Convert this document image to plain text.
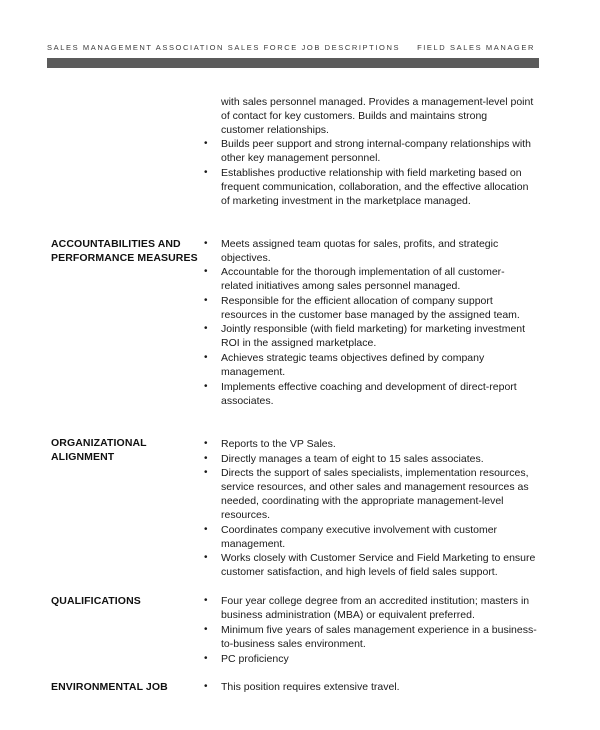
SALES MANAGEMENT ASSOCIATION SALES FORCE JOB DESCRIPTIONS FIELD SALES MANAGER
with sales personnel managed. Provides a management-level point
of contact for key customers. Builds and maintains strong
customer relationships.
• Builds peer support and strong internal-company relationships with
other key management personnel.
• Establishes productive relationship with field marketing based on
frequent communication, collaboration, and the effective allocation
of marketing investment in the marketplace managed.
ACCOUNTABILITIES AND
PERFORMANCE MEASURES
• Meets assigned team quotas for sales, profits, and strategic
objectives.
• Accountable for the thorough implementation of all customer-
related initiatives among sales personnel managed.
• Responsible for the efficient allocation of company support
resources in the customer base managed by the assigned team.
• Jointly responsible (with field marketing) for marketing investment
ROI in the assigned marketplace.
• Achieves strategic teams objectives defined by company
management.
• Implements effective coaching and development of direct-report
associates.
ORGANIZATIONAL
ALIGNMENT
• Reports to the VP Sales.
• Directly manages a team of eight to 15 sales associates.
• Directs the support of sales specialists, implementation resources,
service resources, and other sales and management resources as
needed, coordinating with the appropriate management-level
resources.
• Coordinates company executive involvement with customer
management.
• Works closely with Customer Service and Field Marketing to ensure
customer satisfaction, and high levels of field sales support.
QUALIFICATIONS	• Four year college degree from an accredited institution; masters in
business administration (MBA) or equivalent preferred.
• Minimum five years of sales management experience in a business-
to-business sales environment.
• PC proficiency
ENVIRONMENTAL JOB	• This position requires extensive travel.
